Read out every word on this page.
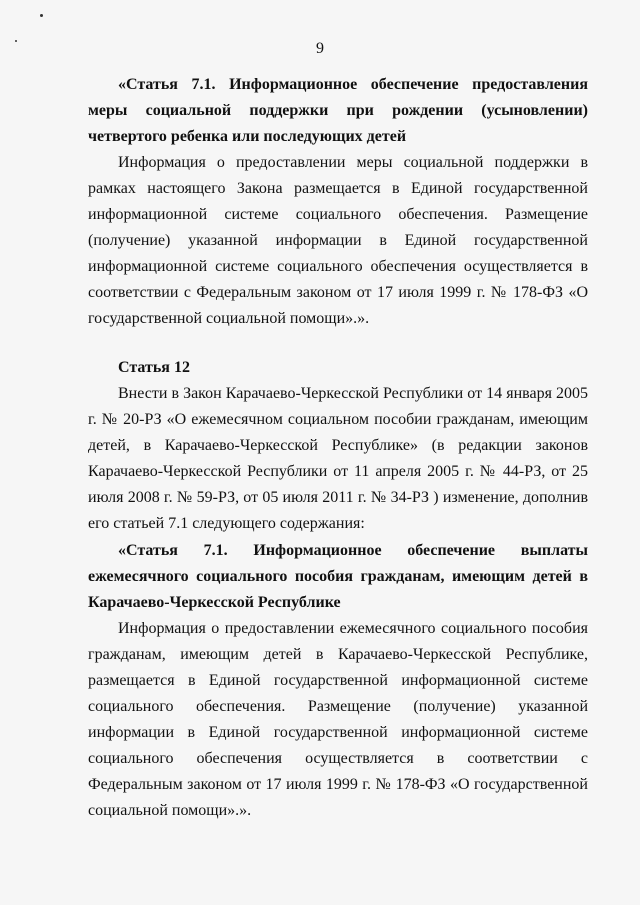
9

«Статья 7.1. Информационное обеспечение предоставления меры социальной поддержки при рождении (усыновлении) четвертого ребенка или последующих детей

Информация о предоставлении меры социальной поддержки в рамках настоящего Закона размещается в Единой государственной информационной системе социального обеспечения. Размещение (получение) указанной информации в Единой государственной информационной системе социального обеспечения осуществляется в соответствии с Федеральным законом от 17 июля 1999 г. № 178-ФЗ «О государственной социальной помощи».».

Статья 12

Внести в Закон Карачаево-Черкесской Республики от 14 января 2005 г. № 20-РЗ «О ежемесячном социальном пособии гражданам, имеющим детей, в Карачаево-Черкесской Республике» (в редакции законов Карачаево-Черкесской Республики от 11 апреля 2005 г. № 44-РЗ, от 25 июля 2008 г. № 59-РЗ, от 05 июля 2011 г. № 34-РЗ ) изменение, дополнив его статьей 7.1 следующего содержания:

«Статья 7.1. Информационное обеспечение выплаты ежемесячного социального пособия гражданам, имеющим детей в Карачаево-Черкесской Республике

Информация о предоставлении ежемесячного социального пособия гражданам, имеющим детей в Карачаево-Черкесской Республике, размещается в Единой государственной информационной системе социального обеспечения. Размещение (получение) указанной информации в Единой государственной информационной системе социального обеспечения осуществляется в соответствии с Федеральным законом от 17 июля 1999 г. № 178-ФЗ «О государственной социальной помощи».».
